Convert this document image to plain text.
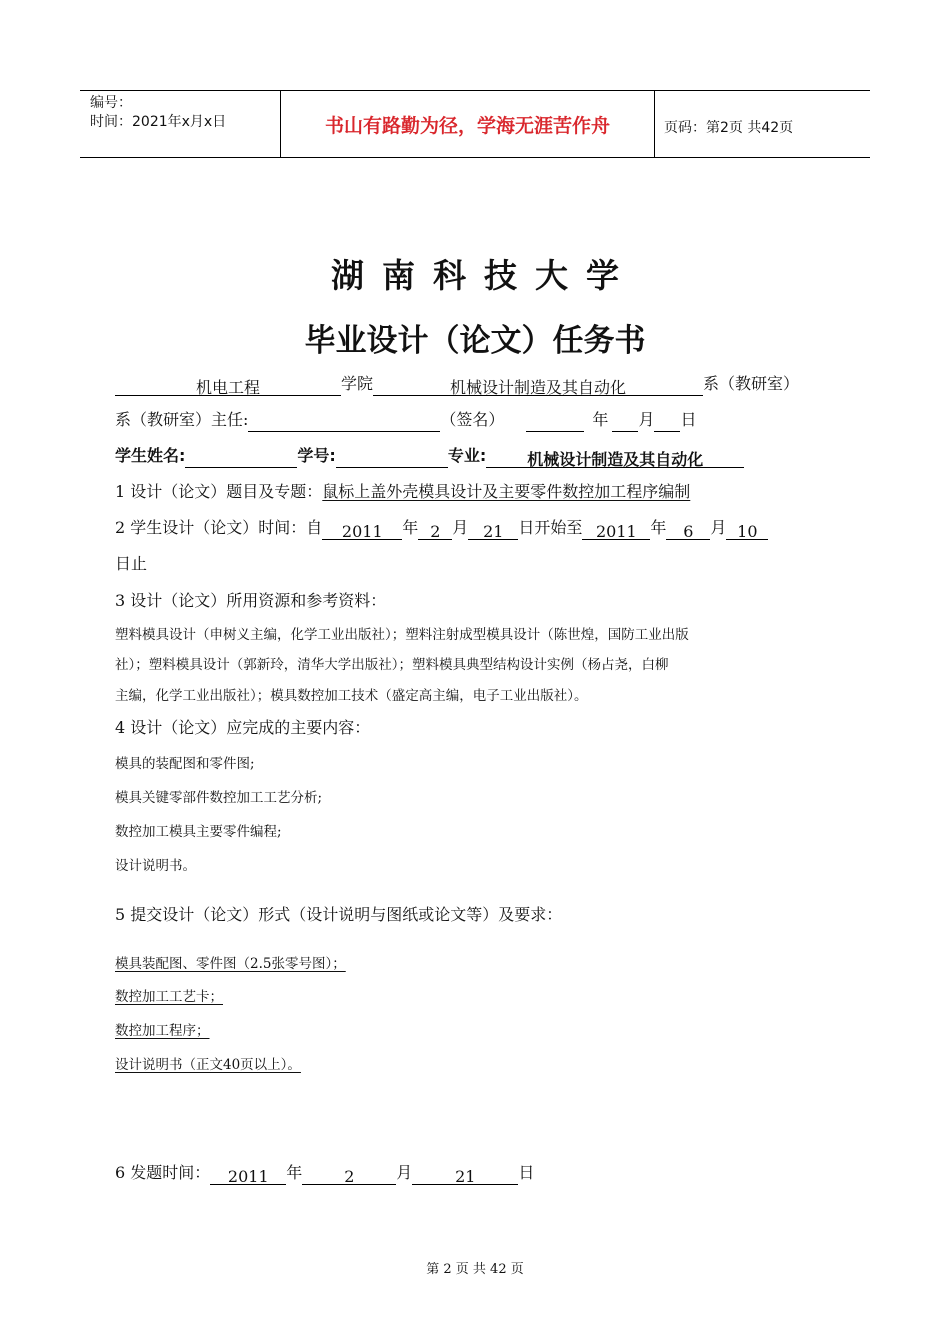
编号：
时间：2021年x月x日	书山有路勤为径，学海无涯苦作舟	页码：第2页 共42页
湖南科技大学
毕业设计（论文）任务书
机电工程	学院	机械设计制造及其自动化	系（教研室）
系（教研室）主任:	（签名）	年 月 日
学生姓名:	学号:	专业:	机械设计制造及其自动化
1 设计（论文）题目及专题：鼠标上盖外壳模具设计及主要零件数控加工程序编制
2 学生设计（论文）时间：自 2011 年 2 月 21 日开始至 2011 年 6 月 10
日止
3 设计（论文）所用资源和参考资料：
塑料模具设计（申树义主编，化学工业出版社）；塑料注射成型模具设计（陈世煌，国防工业出版
社）；塑料模具设计（郭新玲，清华大学出版社）；塑料模具典型结构设计实例（杨占尧，白柳
主编，化学工业出版社）；模具数控加工技术（盛定高主编，电子工业出版社）。
4 设计（论文）应完成的主要内容：
模具的装配图和零件图;
模具关键零部件数控加工工艺分析;
数控加工模具主要零件编程;
设计说明书。
5 提交设计（论文）形式（设计说明与图纸或论文等）及要求：
模具装配图、零件图（2.5张零号图）；
数控加工工艺卡；
数控加工程序；
设计说明书（正文40页以上）。
6 发题时间： 2011 年	2	月	21	日
第 2 页 共 42 页
